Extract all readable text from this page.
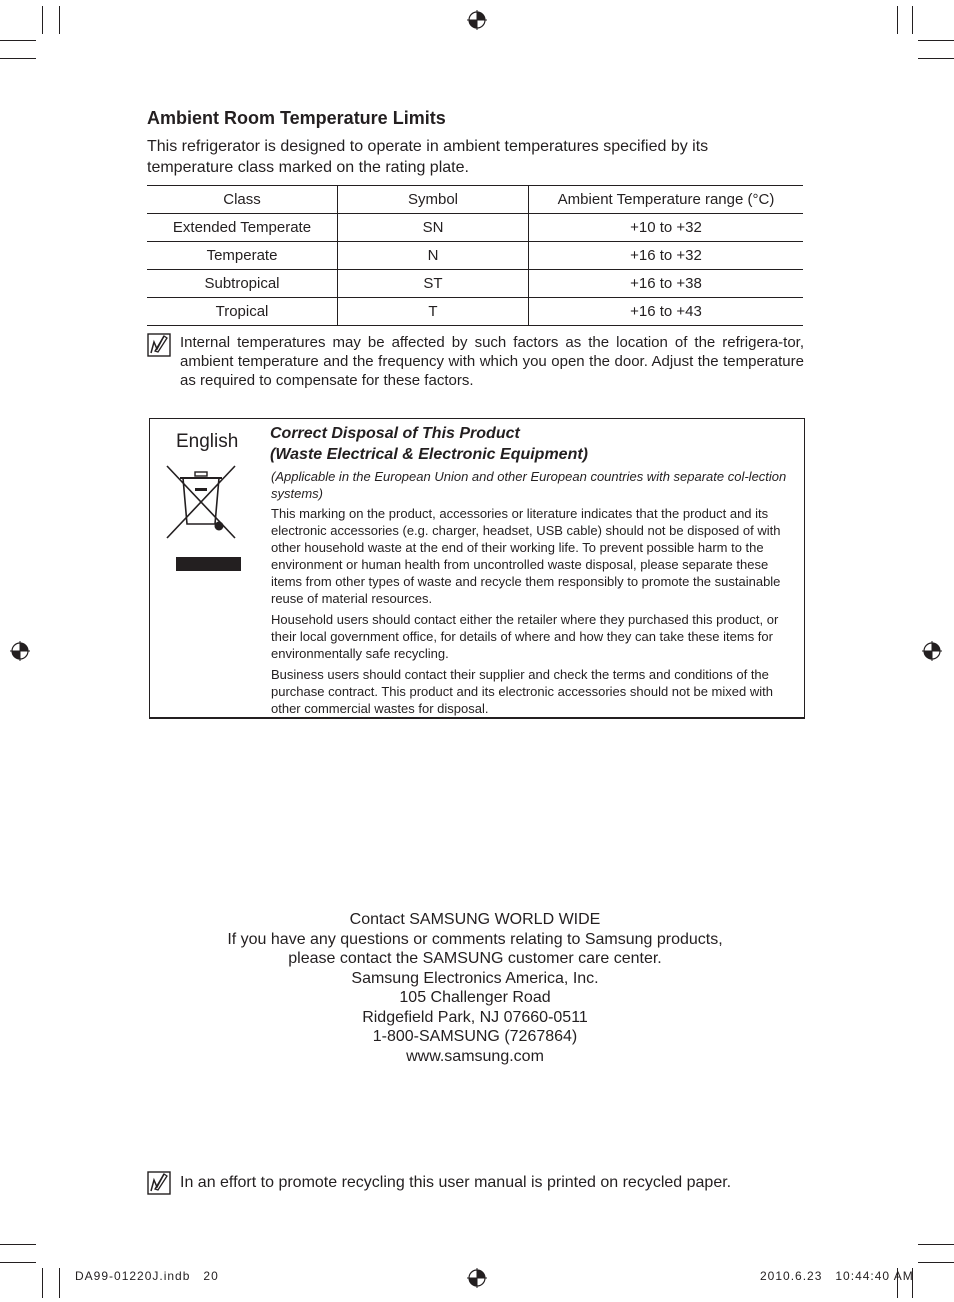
Ambient Room Temperature Limits

This refrigerator is designed to operate in ambient temperatures specified by its temperature class marked on the rating plate.

Class	Symbol	Ambient Temperature range (°C)
Extended Temperate	SN	+10 to +32
Temperate	N	+16 to +32
Subtropical	ST	+16 to +38
Tropical	T	+16 to +43
Internal temperatures may be affected by such factors as the location of the refrigera-tor, ambient temperature and the frequency with which you open the door. Adjust the temperature as required to compensate for these factors.
English Correct Disposal of This Product
(Waste Electrical & Electronic Equipment)

(Applicable in the European Union and other European countries with separate col-lection systems)

This marking on the product, accessories or literature indicates that the product and its electronic accessories (e.g. charger, headset, USB cable) should not be disposed of with other household waste at the end of their working life. To prevent possible harm to the environment or human health from uncontrolled waste disposal, please separate these items from other types of waste and recycle them responsibly to promote the sustainable reuse of material resources.

Household users should contact either the retailer where they purchased this product, or their local government office, for details of where and how they can take these items for environmentally safe recycling.

Business users should contact their supplier and check the terms and conditions of the purchase contract. This product and its electronic accessories should not be mixed with other commercial wastes for disposal.

Contact SAMSUNG WORLD WIDE
If you have any questions or comments relating to Samsung products,
please contact the SAMSUNG customer care center.
Samsung Electronics America, Inc.
105 Challenger Road
Ridgefield Park, NJ 07660-0511
1-800-SAMSUNG (7267864)
www.samsung.com
In an effort to promote recycling this user manual is printed on recycled paper.
DA99-01220J.indb   20	2010.6.23   10:44:40 AM
